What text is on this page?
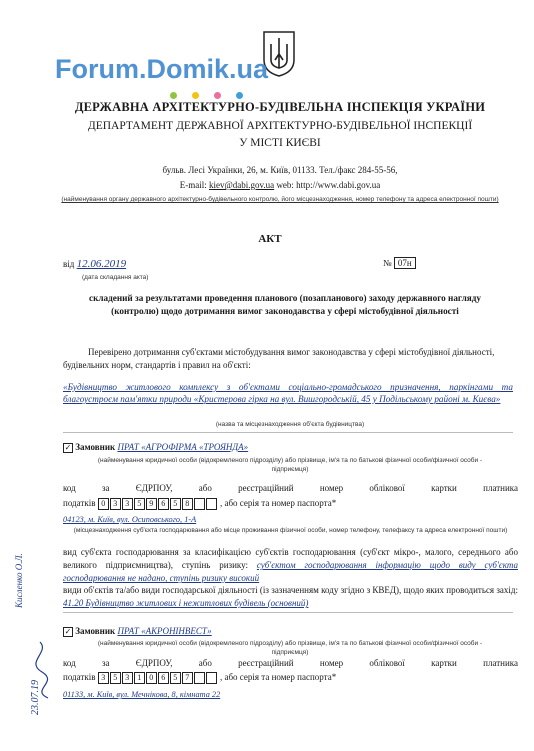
Forum.Domik.ua
ДЕРЖАВНА АРХІТЕКТУРНО-БУДІВЕЛЬНА ІНСПЕКЦІЯ УКРАЇНИ
ДЕПАРТАМЕНТ ДЕРЖАВНОЇ АРХІТЕКТУРНО-БУДІВЕЛЬНОЇ ІНСПЕКЦІЇ
У МІСТІ КИЄВІ
бульв. Лесі Українки, 26, м. Київ, 01133. Тел./факс 284-55-56,
E-mail: kiev@dabi.gov.ua web: http://www.dabi.gov.ua
(найменування органу державного архітектурно-будівельного контролю, його місцезнаходження, номер телефону та адреса електронної пошти)
АКТ
від 12.06.2019
(дата складання акта)
№ 07н
складений за результатами проведення планового (позапланового) заходу державного нагляду (контролю) щодо дотримання вимог законодавства у сфері містобудівної діяльності
Перевірено дотримання суб'єктами містобудування вимог законодавства у сфері містобудівної діяльності, будівельних норм, стандартів і правил на об'єкті:
«Будівництво житлового комплексу з об'єктами соціально-громадського призначення, паркінгами та благоустроєм пам'ятки природи «Кристерова гірка на вул. Вишгородській, 45 у Подільському районі м. Києва»
(назва та місцезнаходження об'єкта будівництва)
✓ Замовник ПРАТ «АГРОФІРМА «ТРОЯНДА»
(найменування юридичної особи (відокремленого підрозділу) або прізвище, ім'я та по батькові фізичної особи/фізичної особи - підприємця)
код за ЄДРПОУ, або реєстраційний номер облікової картки платника
податків 0 3 3 5 9 6 5 8	, або серія та номер паспорта*
04123, м. Київ, вул. Осиповського, 1-А
(місцезнаходження суб'єкта господарювання або місце проживання фізичної особи, номер телефону, телефаксу та адреса електронної пошти)
вид суб'єкта господарювання за класифікацією суб'єктів господарювання (суб'єкт мікро-, малого, середнього або великого підприємництва), ступінь ризику: суб'єктом господарювання інформацію щодо виду суб'єкта господарювання не надано, ступінь ризику високий
види об'єктів та/або види господарської діяльності (із зазначенням коду згідно з КВЕД), щодо яких проводиться захід: 41.20 Будівництво житлових і нежитлових будівель (основний)
✓ Замовник ПРАТ «АКРОНІНВЕСТ»
(найменування юридичної особи (відокремленого підрозділу) або прізвище, ім'я та по батькові фізичної особи/фізичної особи - підприємця)
код за ЄДРПОУ, або реєстраційний номер облікової картки платника
податків 3 5 3 1 0 6 5 7	, або серія та номер паспорта*
01133, м. Київ, вул. Мечнікова, 8, кімната 22
Кисленко О.Л.
23.07.19
